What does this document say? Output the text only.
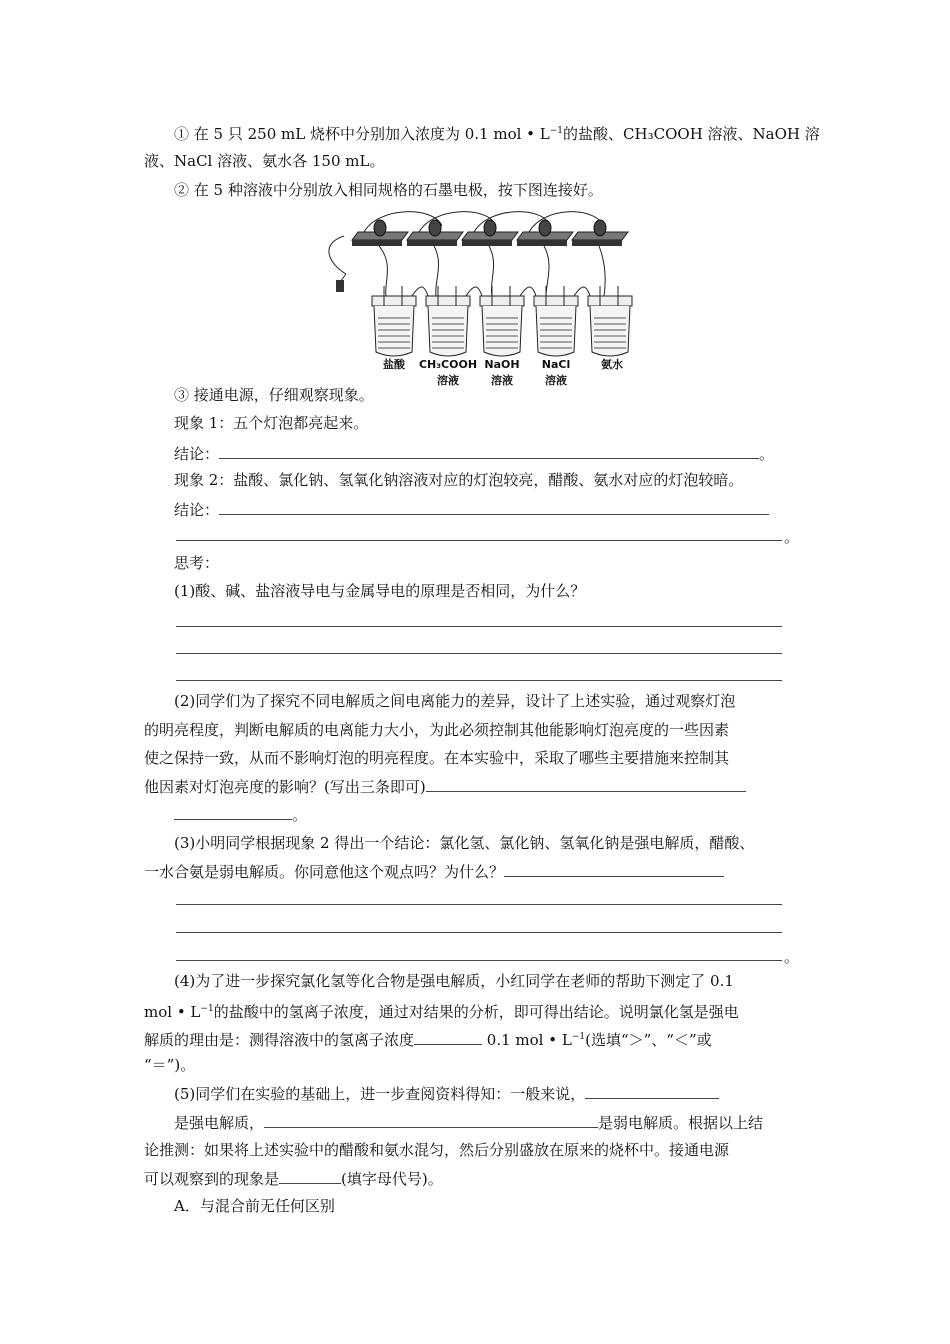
① 在 5 只 250 mL 烧杯中分别加入浓度为 0.1 mol • $L^{-1}$的盐酸、CH₃COOH 溶液、NaOH 溶
液、NaCl 溶液、氨水各 150 mL。
② 在 5 种溶液中分别放入相同规格的石墨电极，按下图连接好。
盐酸 CH₃COOH NaOH NaCl	氨水
溶液	溶液	溶液
③ 接通电源，仔细观察现象。
现象 1：五个灯泡都亮起来。
结论：	。
现象 2：盐酸、氯化钠、氢氧化钠溶液对应的灯泡较亮，醋酸、氨水对应的灯泡较暗。
结论：
。
思考：
(1)酸、碱、盐溶液导电与金属导电的原理是否相同，为什么？
(2)同学们为了探究不同电解质之间电离能力的差异，设计了上述实验，通过观察灯泡
的明亮程度，判断电解质的电离能力大小，为此必须控制其他能影响灯泡亮度的一些因素
使之保持一致，从而不影响灯泡的明亮程度。在本实验中，采取了哪些主要措施来控制其
他因素对灯泡亮度的影响？(写出三条即可)
。
(3)小明同学根据现象 2 得出一个结论：氯化氢、氯化钠、氢氧化钠是强电解质，醋酸、
一水合氨是弱电解质。你同意他这个观点吗？为什么？
。
(4)为了进一步探究氯化氢等化合物是强电解质，小红同学在老师的帮助下测定了 0.1
mol • $L^{-1}$的盐酸中的氢离子浓度，通过对结果的分析，即可得出结论。说明氯化氢是强电
解质的理由是：测得溶液中的氢离子浓度	0.1 mol • $L^{-1}$(选填“＞”、“＜”或
“＝”)。
(5)同学们在实验的基础上，进一步查阅资料得知：一般来说，
是强电解质，	是弱电解质。根据以上结
论推测：如果将上述实验中的醋酸和氨水混匀，然后分别盛放在原来的烧杯中。接通电源
可以观察到的现象是	(填字母代号)。
A．与混合前无任何区别
